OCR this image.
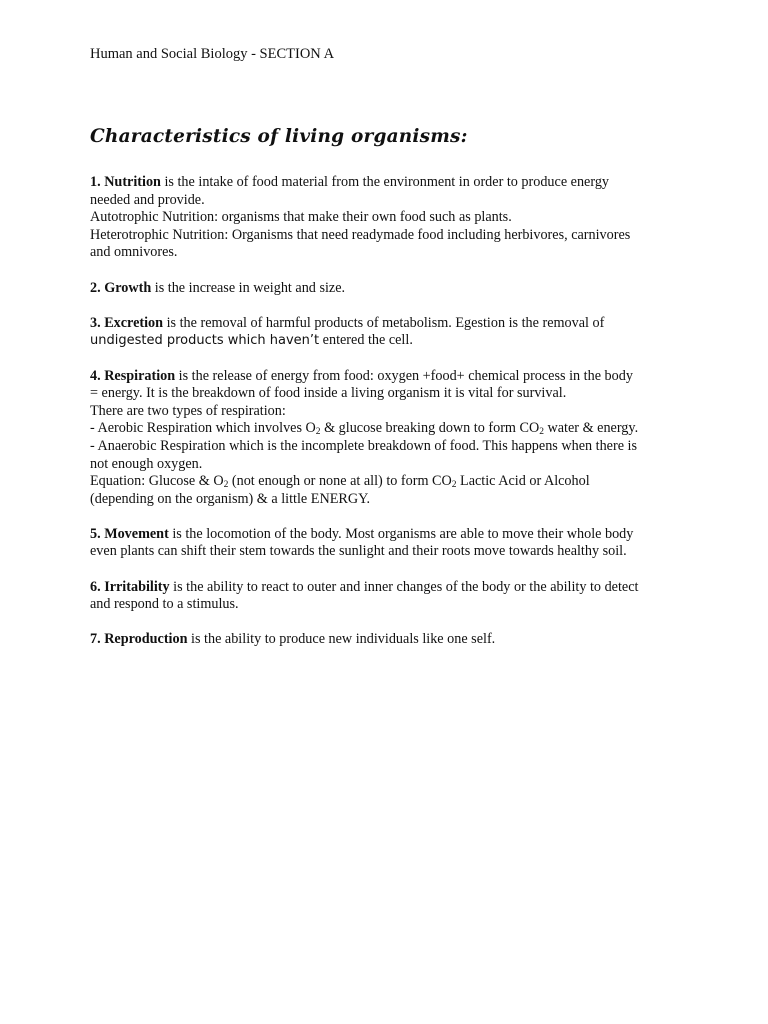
Human and Social Biology - SECTION A
Characteristics of living organisms:
1. Nutrition is the intake of food material from the environment in order to produce energy
needed and provide.
Autotrophic Nutrition: organisms that make their own food such as plants.
Heterotrophic Nutrition: Organisms that need readymade food including herbivores, carnivores
and omnivores.
2. Growth is the increase in weight and size.
3. Excretion is the removal of harmful products of metabolism. Egestion is the removal of
undigested products which haven’t entered the cell.
4. Respiration is the release of energy from food: oxygen +food+ chemical process in the body
= energy. It is the breakdown of food inside a living organism it is vital for survival.
There are two types of respiration:
- Aerobic Respiration which involves $O_2$ & glucose breaking down to form $CO_2$ water & energy.
- Anaerobic Respiration which is the incomplete breakdown of food. This happens when there is
not enough oxygen.
Equation: Glucose & $O_2$ (not enough or none at all) to form $CO_2$ Lactic Acid or Alcohol
(depending on the organism) & a little ENERGY.
5. Movement is the locomotion of the body. Most organisms are able to move their whole body
even plants can shift their stem towards the sunlight and their roots move towards healthy soil.
6. Irritability is the ability to react to outer and inner changes of the body or the ability to detect
and respond to a stimulus.
7. Reproduction is the ability to produce new individuals like one self.
